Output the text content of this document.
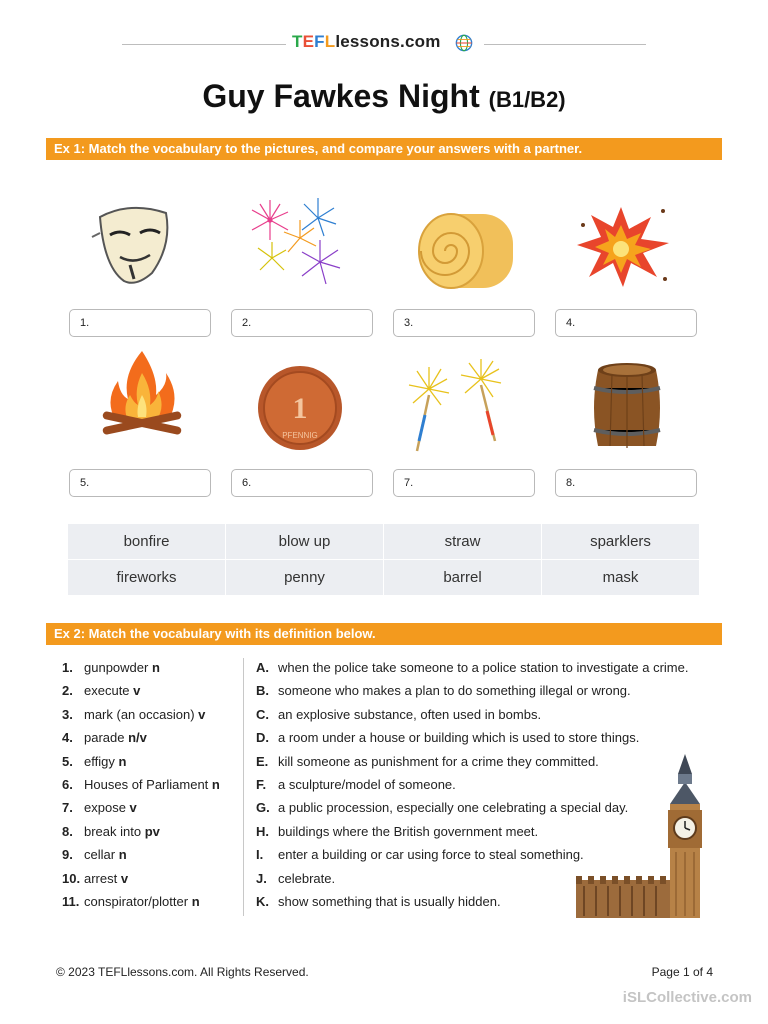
TEFLlessons.com
Guy Fawkes Night (B1/B2)
Ex 1: Match the vocabulary to the pictures, and compare your answers with a partner.
1.	2.	3.	4.
1
PFENNIG
5.	6.	7.	8.
bonfire	blow up	straw	sparklers
fireworks	penny	barrel	mask
Ex 2: Match the vocabulary with its definition below.
1. gunpowder n
2. execute v
3. mark (an occasion) v
4. parade n/v
5. effigy n
6. Houses of Parliament n
7. expose v
8. break into pv
9. cellar n
10. arrest v
11. conspirator/plotter n
A. when the police take someone to a police station to investigate a crime.
B. someone who makes a plan to do something illegal or wrong.
C. an explosive substance, often used in bombs.
D. a room under a house or building which is used to store things.
E. kill someone as punishment for a crime they committed.
F. a sculpture/model of someone.
G. a public procession, especially one celebrating a special day.
H. buildings where the British government meet.
I. enter a building or car using force to steal something.
J. celebrate.
K. show something that is usually hidden.
© 2023 TEFLlessons.com. All Rights Reserved.	Page 1 of 4
iSLCollective.com
